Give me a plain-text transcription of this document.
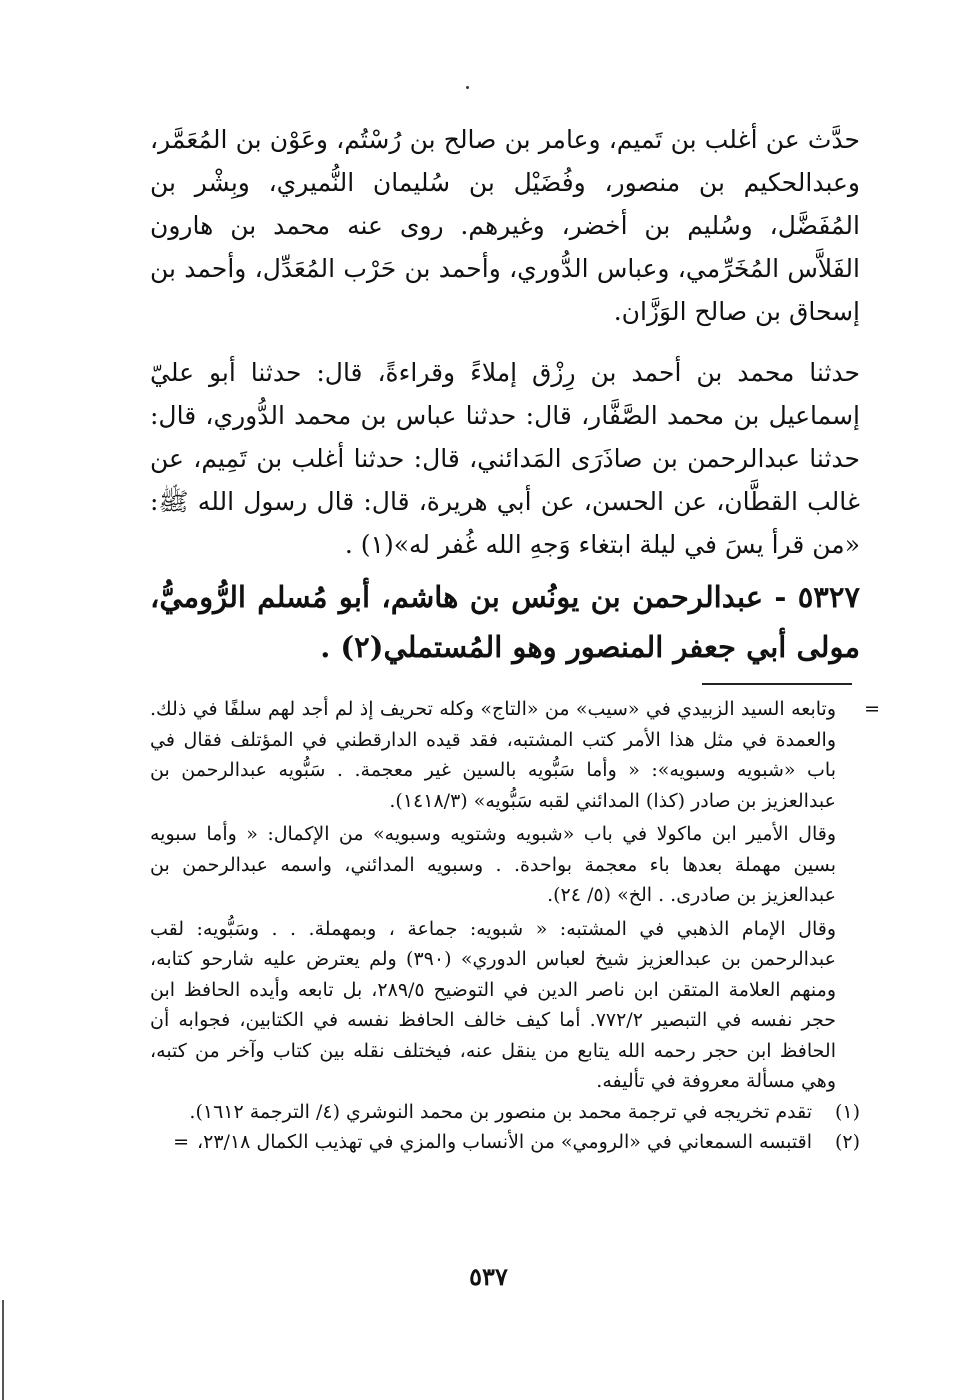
حدَّث عن أغلب بن تَميم، وعامر بن صالح بن رُسْتُم، وعَوْن بن المُعَمَّر، وعبدالحكيم بن منصور، وفُضَيْل بن سُليمان النُّميري، وبِشْر بن المُفَضَّل، وسُليم بن أخضر، وغيرهم. روى عنه محمد بن هارون الفَلاَّس المُخَرِّمي، وعباس الدُّوري، وأحمد بن حَرْب المُعَدِّل، وأحمد بن إسحاق بن صالح الوَزَّان.

حدثنا محمد بن أحمد بن رِزْق إملاءً وقراءةً، قال: حدثنا أبو عليّ إسماعيل بن محمد الصَّفَّار، قال: حدثنا عباس بن محمد الدُّوري، قال: حدثنا عبدالرحمن بن صاذَرَى المَدائني، قال: حدثنا أغلب بن تَمِيم، عن غالب القطَّان، عن الحسن، عن أبي هريرة، قال: قال رسول الله ﷺ: «من قرأ يسَ في ليلة ابتغاء وَجهِ الله غُفر له»(١) .

٥٣٢٧ - عبدالرحمن بن يونُس بن هاشم، أبو مُسلم الرُّوميُّ، مولى أبي جعفر المنصور وهو المُستملي(٢) .

=

وتابعه السيد الزبيدي في «سيب» من «التاج» وكله تحريف إذ لم أجد لهم سلفًا في ذلك. والعمدة في مثل هذا الأمر كتب المشتبه، فقد قيده الدارقطني في المؤتلف فقال في باب «شبويه وسبويه»: « وأما سَبُّويه بالسين غير معجمة. . سَبُّويه عبدالرحمن بن عبدالعزيز بن صادر (كذا) المدائني لقبه سَبُّويه» (١٤١٨/٣).

وقال الأمير ابن ماكولا في باب «شبويه وشتويه وسبويه» من الإكمال: « وأما سبويه بسين مهملة بعدها باء معجمة بواحدة. . وسبويه المدائني، واسمه عبدالرحمن بن عبدالعزيز بن صادرى. . الخ» (٥/ ٢٤).

وقال الإمام الذهبي في المشتبه: « شبويه: جماعة ، وبمهملة. . . وسَبُّويه: لقب عبدالرحمن بن عبدالعزيز شيخ لعباس الدوري» (٣٩٠) ولم يعترض عليه شارحو كتابه، ومنهم العلامة المتقن ابن ناصر الدين في التوضيح ٢٨٩/٥، بل تابعه وأيده الحافظ ابن حجر نفسه في التبصير ٧٧٢/٢. أما كيف خالف الحافظ نفسه في الكتابين، فجوابه أن الحافظ ابن حجر رحمه الله يتابع من ينقل عنه، فيختلف نقله بين كتاب وآخر من كتبه، وهي مسألة معروفة في تأليفه.

(١)
تقدم تخريجه في ترجمة محمد بن منصور بن محمد النوشري (٤/ الترجمة ١٦١٢).
(٢)
اقتبسه السمعاني في «الرومي» من الأنساب والمزي في تهذيب الكمال ٢٣/١٨،=
٥٣٧
